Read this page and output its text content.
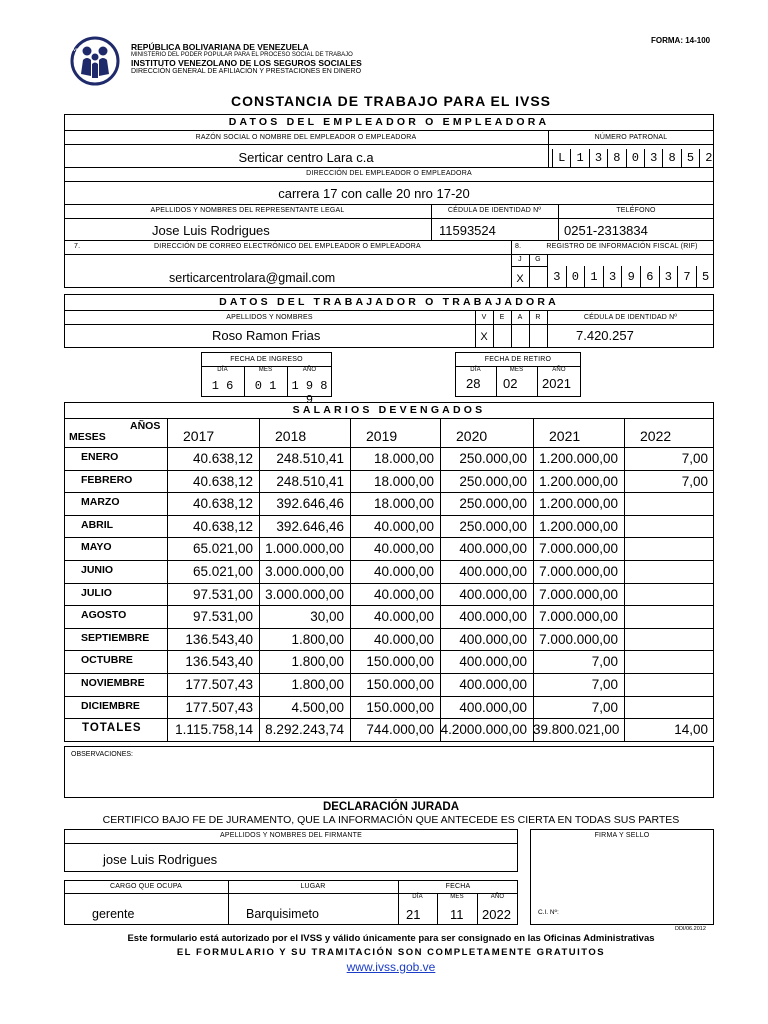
IVSS	REPÚBLICA BOLIVARIANA DE VENEZUELA
MINISTERIO DEL PODER POPULAR PARA EL PROCESO SOCIAL DE TRABAJO
INSTITUTO VENEZOLANO DE LOS SEGUROS SOCIALES
DIRECCIÓN GENERAL DE AFILIACIÓN Y PRESTACIONES EN DINERO
FORMA: 14-100
CONSTANCIA DE TRABAJO PARA EL IVSS
DATOS DEL EMPLEADOR O EMPLEADORA
RAZÓN SOCIAL O NOMBRE DEL EMPLEADOR O EMPLEADORA	NÚMERO PATRONAL
Serticar centro Lara c.a	L 1 3 8 0 3 8 5 2
DIRECCIÓN DEL EMPLEADOR O EMPLEADORA
carrera 17 con calle 20 nro 17-20
APELLIDOS Y NOMBRES DEL REPRESENTANTE LEGAL	CÉDULA DE IDENTIDAD Nº	TELÉFONO
Jose Luis Rodrigues	11593524	0251-2313834
7.	DIRECCIÓN DE CORREO ELECTRÓNICO DEL EMPLEADOR O EMPLEADORA	8.	REGISTRO DE INFORMACIÓN FISCAL (RIF)
serticarcentrolara@gmail.com
J	G
X	3 0 1 3 9 6 3 7 5
DATOS DEL TRABAJADOR O TRABAJADORA
APELLIDOS Y NOMBRES	V	E	A	R	CÉDULA DE IDENTIDAD Nº
Roso Ramon Frias	X	7.420.257
FECHA DE INGRESO
DÍA	MES	AÑO
1 6	0 1	1 9 8 9
FECHA DE RETIRO
DÍA	MES	AÑO
28 02 2021
SALARIOS DEVENGADOS
AÑOS
MESES	2017	2018	2019	2020	2021	2022
ENERO	40.638,12	248.510,41	18.000,00	250.000,00 1.200.000,00	7,00
FEBRERO	40.638,12	248.510,41	18.000,00	250.000,00 1.200.000,00	7,00
MARZO	40.638,12	392.646,46	18.000,00	250.000,00 1.200.000,00
ABRIL	40.638,12	392.646,46	40.000,00	250.000,00 1.200.000,00
MAYO	65.021,00 1.000.000,00	40.000,00	400.000,00 7.000.000,00
JUNIO	65.021,00 3.000.000,00	40.000,00	400.000,00 7.000.000,00
JULIO	97.531,00 3.000.000,00	40.000,00	400.000,00 7.000.000,00
AGOSTO	97.531,00	30,00	40.000,00	400.000,00 7.000.000,00
SEPTIEMBRE	136.543,40	1.800,00	40.000,00	400.000,00 7.000.000,00
OCTUBRE	136.543,40	1.800,00	150.000,00	400.000,00	7,00
NOVIEMBRE	177.507,43	1.800,00	150.000,00	400.000,00	7,00
DICIEMBRE	177.507,43	4.500,00	150.000,00	400.000,00	7,00
TOTALES	1.115.758,14 8.292.243,74	744.000,00 4.2000.000,00 39.800.021,00	14,00
OBSERVACIONES:
DECLARACIÓN JURADA
CERTIFICO BAJO FE DE JURAMENTO, QUE LA INFORMACIÓN QUE ANTECEDE ES CIERTA EN TODAS SUS PARTES
APELLIDOS Y NOMBRES DEL FIRMANTE
jose Luis Rodrigues
FIRMA Y SELLO
C.I. Nº:
CARGO QUE OCUPA	LUGAR	FECHA
DÍA	MES	AÑO
gerente	Barquisimeto	21 11 2022
DDI/06.2012
Este formulario está autorizado por el IVSS y válido únicamente para ser consignado en las Oficinas Administrativas
EL FORMULARIO Y SU TRAMITACIÓN SON COMPLETAMENTE GRATUITOS
www.ivss.gob.ve
